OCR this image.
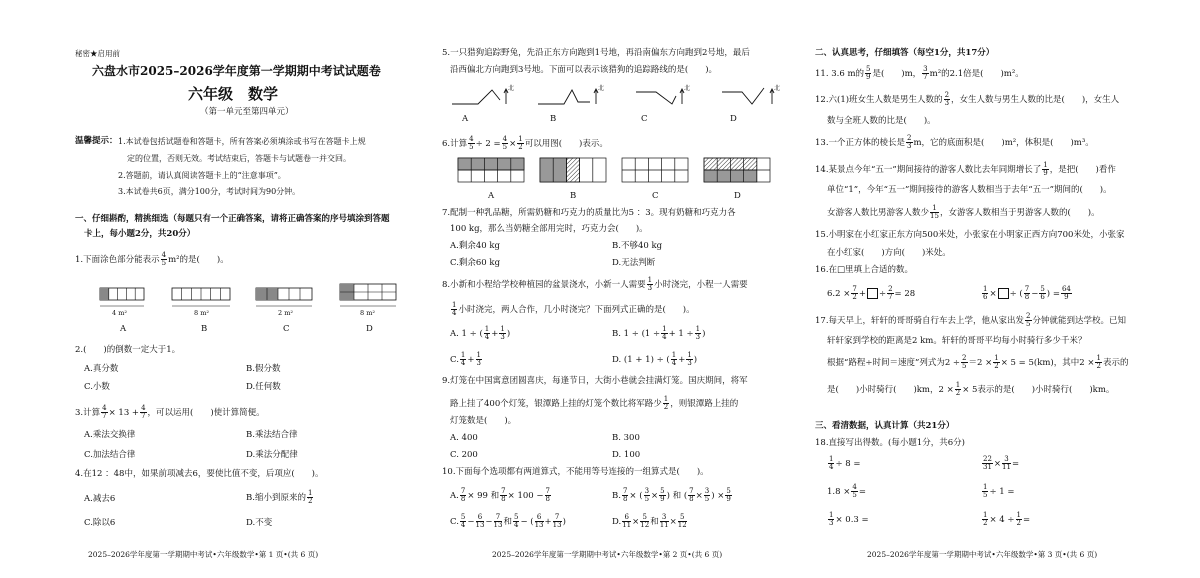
秘密★启用前
六盘水市2025–2026学年度第一学期期中考试试题卷
六年级　数学
（第一单元至第四单元）
温馨提示： 1.本试卷包括试题卷和答题卡，所有答案必须填涂或书写在答题卡上规
定的位置，否则无效。考试结束后，答题卡与试题卷一并交回。
2.答题前，请认真阅读答题卡上的“注意事项”。
3.本试卷共6页，满分100分，考试时间为90分钟。
一、仔细斟酌，精挑细选（每题只有一个正确答案，请将正确答案的序号填涂到答题
卡上，每小题2分，共20分）
1.下面涂色部分能表示 $\frac{4}{5} m^2$的是(　　)。
4 m²	8 m²	2 m²	8 m²
A	B	C	D
2.(　　)的倒数一定大于1。
A.真分数	B.假分数
C.小数	D.任何数
3.计算 $\frac{4}{7} \times 13 + \frac{4}{7}$ ，可以运用(　　)使计算简便。
A.乘法交换律	B.乘法结合律
C.加法结合律	D.乘法分配律
4.在12 ：48中，如果前项减去6，要使比值不变，后项应(　　)。
A.减去6	B.缩小到原来的 $\frac{1}{2}$
C.除以6	D.不变
2025–2026学年度第一学期期中考试•六年级数学•第 1 页•(共 6 页)
5.一只猎狗追踪野兔，先沿正东方向跑到1号地，再沿南偏东方向跑到2号地，最后
沿西偏北方向跑到3号地。下面可以表示该猎狗的追踪路线的是(　　)。
北	北	北	北
A	B	C	D
6.计算 $\frac{4}{5} \div 2 = \frac{4}{5} \times \frac{1}{2}$ 可以用图(　　)表示。
A	B	C	D
7.配制一种乳品糖，所需奶糖和巧克力的质量比为5 ：3。现有奶糖和巧克力各
100 kg，那么当奶糖全部用完时，巧克力会(　　)。
A.剩余40 kg	B.不够40 kg
C.剩余60 kg	D.无法判断
8.小新和小程给学校种植园的盆景浇水，小新一人需要 $\frac{1}{3}$ 小时浇完，小程一人需要
$\frac{1}{4}$ 小时浇完，两人合作，几小时浇完？下面列式正确的是(　　)。
A. 1 ÷ ( $\frac{1}{4} + \frac{1}{3}$ )	B. $1 \div (1 \div \frac{1}{4} + 1 \div \frac{1}{3}$ )
C. $\frac{1}{4} + \frac{1}{3}$	D. (1 + 1) ÷ ( $\frac{1}{4} + \frac{1}{3}$ )
9.灯笼在中国寓意团圆喜庆，每逢节日，大街小巷就会挂满灯笼。国庆期间，将军
路上挂了400个灯笼，银潭路上挂的灯笼个数比将军路少 $\frac{1}{2}$ ，则银潭路上挂的
灯笼数是(　　)。
A. 400	B. 300
C. 200	D. 100
10.下面每个选项都有两道算式，不能用等号连接的一组算式是(　　)。
A. $\frac{7}{8} \times 99$ 和 $\frac{7}{8} \times 100 - \frac{7}{8}$	B. $\frac{7}{8}$ × ( $\frac{3}{5} \times \frac{5}{9}$ ) 和 ( $\frac{7}{8} \times \frac{3}{5}$ ) × $\frac{5}{9}$
C. $\frac{5}{4} - \frac{6}{13} - \frac{7}{13}$ 和 $\frac{5}{4}$ − ( $\frac{6}{13} + \frac{7}{13}$ )	D. $\frac{6}{11} \times \frac{5}{12}$ 和 $\frac{3}{11} \times \frac{5}{12}$
2025–2026学年度第一学期期中考试•六年级数学•第 2 页•(共 6 页)
二、认真思考，仔细填答（每空1分，共17分）
11. 3.6 m的 $\frac{5}{9}$ 是(　　)m， $\frac{3}{7} m^2$的2.1倍是(　　)m²。
12.六(1)班女生人数是男生人数的 $\frac{2}{3}$ ，女生人数与男生人数的比是(　　)，女生人
数与全班人数的比是(　　)。
13.一个正方体的棱长是 $\frac{2}{3}$ m，它的底面积是(　　)m²，体积是(　　)m³。
14.某景点今年“五一”期间接待的游客人数比去年同期增长了 $\frac{1}{9}$ ，是把(　　)看作
单位“1”，今年“五一”期间接待的游客人数相当于去年“五一”期间的(　　)。
女游客人数比男游客人数少 $\frac{1}{15}$ ，女游客人数相当于男游客人数的(　　)。
15.小明家在小红家正东方向500米处，小张家在小明家正西方向700米处，小张家
在小红家(　　)方向(　　)米处。
16.在□里填上合适的数。
$6.2 \times \frac{7}{2}$ + ÷ $\frac{2}{7} = 28$	$\frac{1}{6}$ × ÷ ( $\frac{7}{8} - \frac{5}{6}$ ) = $\frac{64}{9}$
17.每天早上，轩轩的哥哥骑自行车去上学，他从家出发 $\frac{2}{5}$ 分钟就能到达学校。已知
轩轩家到学校的距离是2 km。轩轩的哥哥平均每小时骑行多少千米？
根据“路程÷时间＝速度”列式为$2 \div \frac{2}{5} =2 \times \frac{1}{2} \times 5 = 5(km)$，其中$2 \times \frac{1}{2}$ 表示的
是(　　)小时骑行(　　)km，$2 \times \frac{1}{2} \times 5$表示的是(　　)小时骑行(　　)km。
三、看清数据，认真计算（共21分）
18.直接写出得数。(每小题1分，共6分)
$\frac{1}{4} \div 8$ =	$\frac{22}{31} \times \frac{3}{11}$ =
$1.8 \times \frac{4}{5}$ =	$\frac{1}{5} \div 1$ =
$\frac{1}{3} \times 0.3$ =	$\frac{1}{2} \times 4 \div \frac{1}{2}$ =
2025–2026学年度第一学期期中考试•六年级数学•第 3 页•(共 6 页)
